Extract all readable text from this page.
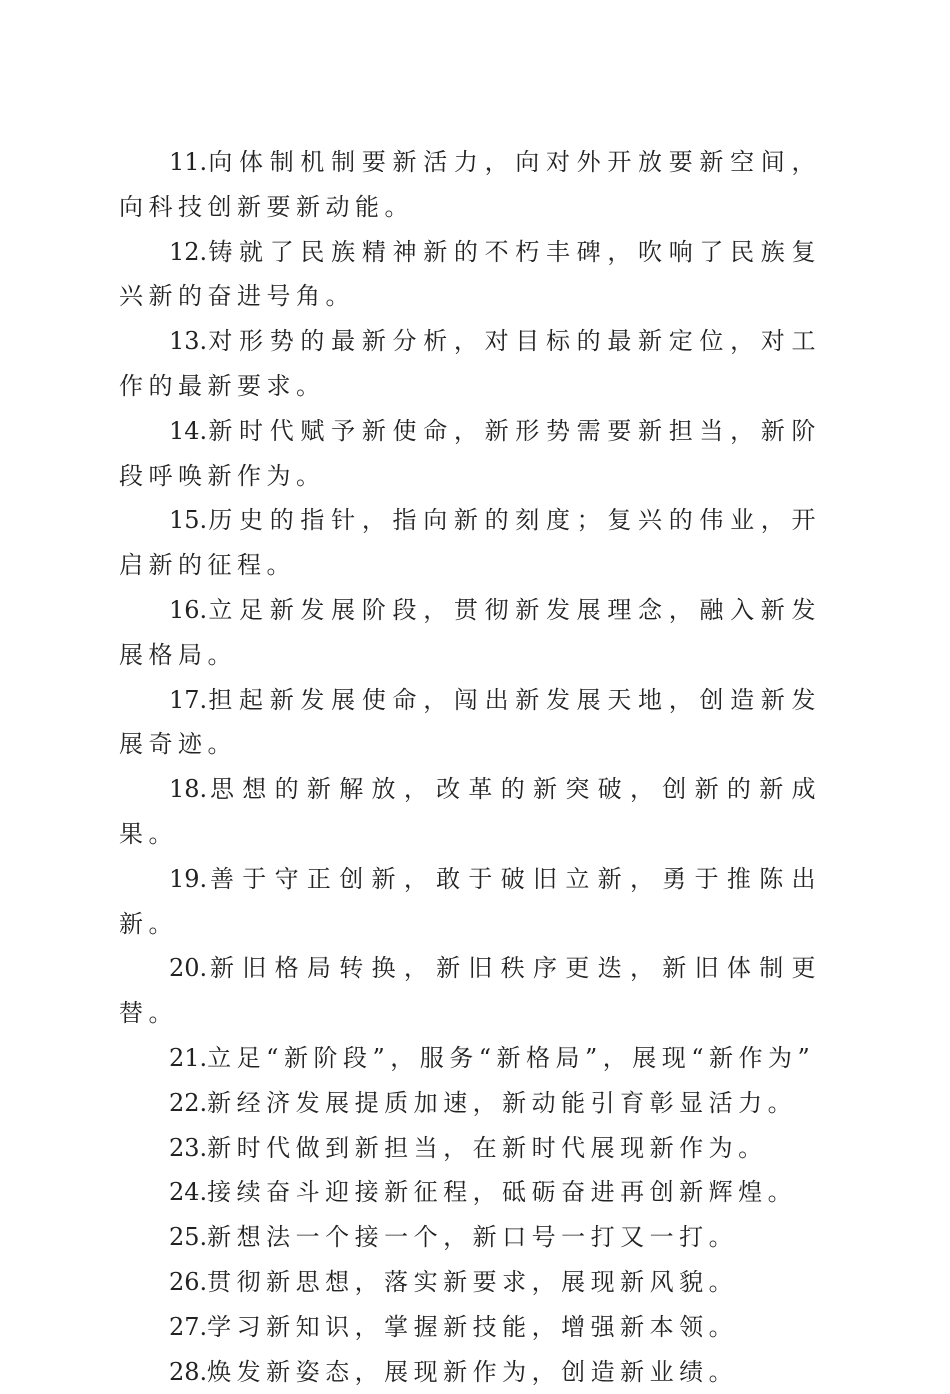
11.向体制机制要新活力，向对外开放要新空间，向科技创新要新动能。

12.铸就了民族精神新的不朽丰碑，吹响了民族复兴新的奋进号角。

13.对形势的最新分析，对目标的最新定位，对工作的最新要求。

14.新时代赋予新使命，新形势需要新担当，新阶段呼唤新作为。

15.历史的指针，指向新的刻度；复兴的伟业，开启新的征程。

16.立足新发展阶段，贯彻新发展理念，融入新发展格局。

17.担起新发展使命，闯出新发展天地，创造新发展奇迹。

18.思想的新解放，改革的新突破，创新的新成果。

19.善于守正创新，敢于破旧立新，勇于推陈出新。

20.新旧格局转换，新旧秩序更迭，新旧体制更替。

21.立足“新阶段”，服务“新格局”，展现“新作为”

22.新经济发展提质加速，新动能引育彰显活力。

23.新时代做到新担当，在新时代展现新作为。

24.接续奋斗迎接新征程，砥砺奋进再创新辉煌。

25.新想法一个接一个，新口号一打又一打。

26.贯彻新思想，落实新要求，展现新风貌。

27.学习新知识，掌握新技能，增强新本领。

28.焕发新姿态，展现新作为，创造新业绩。
